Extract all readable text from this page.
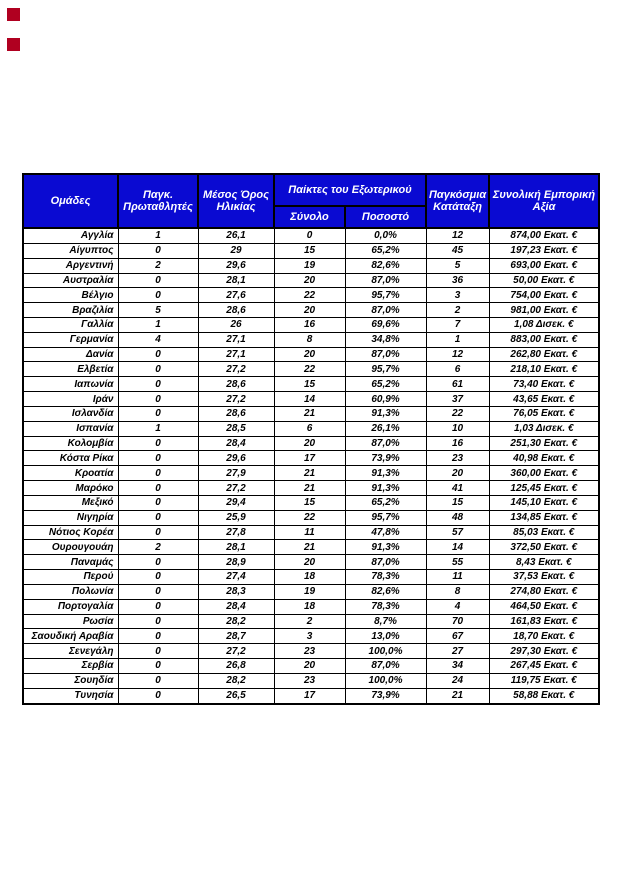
Ομάδες	Παγκ. Πρωταθλητές	Μέσος Όρος Ηλικίας	Παίκτες του Εξωτερικού		Παγκόσμια Κατάταξη	Συνολική Εμπορική Αξία
			Σύνολο	Ποσοστό		
Αγγλία	1	26,1	0	0,0%	12	874,00 Εκατ. €
Αίγυπτος	0	29	15	65,2%	45	197,23 Εκατ. €
Αργεντινή	2	29,6	19	82,6%	5	693,00 Εκατ. €
Αυστραλία	0	28,1	20	87,0%	36	50,00 Εκατ. €
Βέλγιο	0	27,6	22	95,7%	3	754,00 Εκατ. €
Βραζιλία	5	28,6	20	87,0%	2	981,00 Εκατ. €
Γαλλία	1	26	16	69,6%	7	1,08 Δισεκ. €
Γερμανία	4	27,1	8	34,8%	1	883,00 Εκατ. €
Δανία	0	27,1	20	87,0%	12	262,80 Εκατ. €
Ελβετία	0	27,2	22	95,7%	6	218,10 Εκατ. €
Ιαπωνία	0	28,6	15	65,2%	61	73,40 Εκατ. €
Ιράν	0	27,2	14	60,9%	37	43,65 Εκατ. €
Ισλανδία	0	28,6	21	91,3%	22	76,05 Εκατ. €
Ισπανία	1	28,5	6	26,1%	10	1,03 Δισεκ. €
Κολομβία	0	28,4	20	87,0%	16	251,30 Εκατ. €
Κόστα Ρίκα	0	29,6	17	73,9%	23	40,98 Εκατ. €
Κροατία	0	27,9	21	91,3%	20	360,00 Εκατ. €
Μαρόκο	0	27,2	21	91,3%	41	125,45 Εκατ. €
Μεξικό	0	29,4	15	65,2%	15	145,10 Εκατ. €
Νιγηρία	0	25,9	22	95,7%	48	134,85 Εκατ. €
Νότιος Κορέα	0	27,8	11	47,8%	57	85,03 Εκατ. €
Ουρουγουάη	2	28,1	21	91,3%	14	372,50 Εκατ. €
Παναμάς	0	28,9	20	87,0%	55	8,43 Εκατ. €
Περού	0	27,4	18	78,3%	11	37,53 Εκατ. €
Πολωνία	0	28,3	19	82,6%	8	274,80 Εκατ. €
Πορτογαλία	0	28,4	18	78,3%	4	464,50 Εκατ. €
Ρωσία	0	28,2	2	8,7%	70	161,83 Εκατ. €
Σαουδική Αραβία	0	28,7	3	13,0%	67	18,70 Εκατ. €
Σενεγάλη	0	27,2	23	100,0%	27	297,30 Εκατ. €
Σερβία	0	26,8	20	87,0%	34	267,45 Εκατ. €
Σουηδία	0	28,2	23	100,0%	24	119,75 Εκατ. €
Τυνησία	0	26,5	17	73,9%	21	58,88 Εκατ. €
